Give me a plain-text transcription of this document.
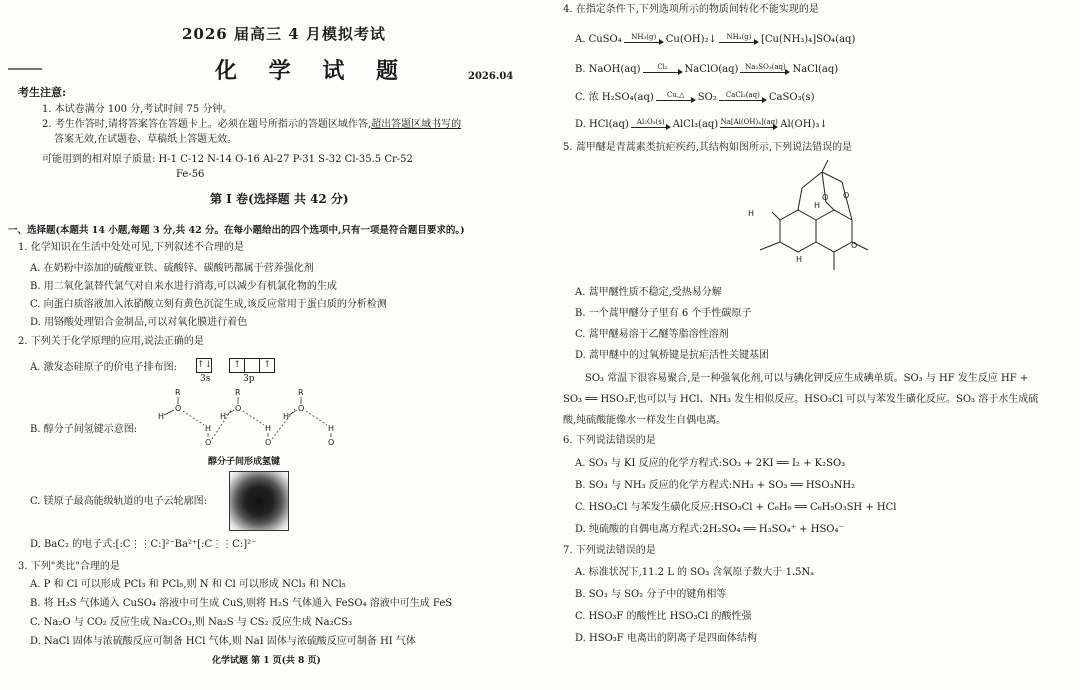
2026 届高三 4 月模拟考试
化 学 试 题	2026.04
考生注意:
1. 本试卷满分 100 分,考试时间 75 分钟。
2. 考生作答时,请将答案答在答题卡上。必须在题号所指示的答题区域作答,超出答题区域书写的
答案无效,在试题卷、草稿纸上答题无效。
可能用到的相对原子质量: H-1 C-12 N-14 O-16 Al-27 P-31 S-32 Cl-35.5 Cr-52
Fe-56
第 I 卷(选择题 共 42 分)
一、选择题(本题共 14 小题,每题 3 分,共 42 分。在每小题给出的四个选项中,只有一项是符合题目要求的。)
1. 化学知识在生活中处处可见,下列叙述不合理的是
A. 在奶粉中添加的硫酸亚铁、硫酸锌、碳酸钙都属于营养强化剂
B. 用二氧化氯替代氯气对自来水进行消毒,可以减少有机氯化物的生成
C. 向蛋白质溶液加入浓硝酸立刻有黄色沉淀生成,该反应常用于蛋白质的分析检测
D. 用铬酸处理铝合金制品,可以对氧化膜进行着色
2. 下列关于化学原理的应用,说法正确的是
A. 激发态硅原子的价电子排布图: ↑↓ ↑ ↑
3s	3p
B. 醇分子间氢键示意图:
R
O
H
H
O
R
O
H
H
O
R
O
H
H
O
醇分子间形成氢键
C. 镁原子最高能级轨道的电子云轮廓图:
D. BaC₂ 的电子式:[:C⋮⋮C:]²⁻Ba²⁺[:C⋮⋮C:]²⁻
3. 下列"类比"合理的是
A. P 和 Cl 可以形成 PCl₃ 和 PCl₅,则 N 和 Cl 可以形成 NCl₃ 和 NCl₅
B. 将 H₂S 气体通入 CuSO₄ 溶液中可生成 CuS,则将 H₂S 气体通入 FeSO₄ 溶液中可生成 FeS
C. Na₂O 与 CO₂ 反应生成 Na₂CO₃,则 Na₂S 与 CS₂ 反应生成 Na₂CS₃
D. NaCl 固体与浓硫酸反应可制备 HCl 气体,则 NaI 固体与浓硫酸反应可制备 HI 气体
化学试题 第 1 页(共 8 页)
4. 在指定条件下,下列选项所示的物质间转化不能实现的是
A. CuSO₄	NH₃(g) Cu(OH)₂↓	NH₃(g) [Cu(NH₃)₄]SO₄(aq)
B. NaOH(aq)	Cl₂	NaClO(aq) Na₂SO₃(aq) NaCl(aq)
C. 浓 H₂SO₄(aq)	Cu,△	SO₂	CaCl₂(aq) CaSO₃(s)
D. HCl(aq)	Al₂O₃(s) AlCl₃(aq) Na[Al(OH)₄](aq) Al(OH)₃↓
5. 蒿甲醚是青蒿素类抗疟疾药,其结构如图所示,下列说法错误的是
O O
O
H
H
H
A. 蒿甲醚性质不稳定,受热易分解
B. 一个蒿甲醚分子里有 6 个手性碳原子
C. 蒿甲醚易溶于乙醚等脂溶性溶剂
D. 蒿甲醚中的过氧桥键是抗疟活性关键基团
SO₃ 常温下很容易聚合,是一种强氧化剂,可以与碘化钾反应生成碘单质。SO₃ 与 HF 发生反应 HF +
SO₃ ══ HSO₃F,也可以与 HCl、NH₃ 发生相似反应。HSO₃Cl 可以与苯发生磺化反应。SO₃ 溶于水生成硫
酸,纯硫酸能像水一样发生自偶电离。
6. 下列说法错误的是
A. SO₃ 与 KI 反应的化学方程式:SO₃ + 2KI ══ I₂ + K₂SO₃
B. SO₃ 与 NH₃ 反应的化学方程式:NH₃ + SO₃ ══ HSO₃NH₂
C. HSO₃Cl 与苯发生磺化反应:HSO₃Cl + C₆H₆ ══ C₆H₅O₃SH + HCl
D. 纯硫酸的自偶电离方程式:2H₂SO₄ ══ H₃SO₄⁺ + HSO₄⁻
7. 下列说法错误的是
A. 标准状况下,11.2 L 的 SO₃ 含氧原子数大于 1.5Nₐ
B. SO₃ 与 SO₂ 分子中的键角相等
C. HSO₃F 的酸性比 HSO₃Cl 的酸性强
D. HSO₃F 电离出的阴离子是四面体结构
